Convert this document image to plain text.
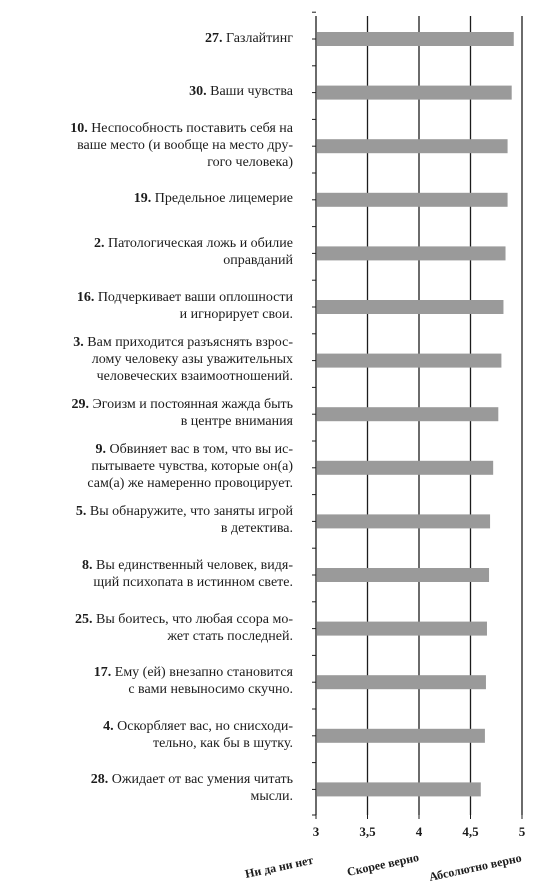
3	3,5	4	4,5	5
Ни да ни нет	Скорее верно Абсолютно верно
27. Газлайтинг
30. Ваши чувства
10. Неспособность поставить себя на
ваше место (и вообще на место дру-
гого человека)
19. Предельное лицемерие
2. Патологическая ложь и обилие
оправданий
16. Подчеркивает ваши оплошности
и игнорирует свои.
3. Вам приходится разъяснять взрос-
лому человеку азы уважительных
человеческих взаимоотношений.
29. Эгоизм и постоянная жажда быть
в центре внимания
9. Обвиняет вас в том, что вы ис-
пытываете чувства, которые он(а)
сам(а) же намеренно провоцирует.
5. Вы обнаружите, что заняты игрой
в детектива.
8. Вы единственный человек, видя-
щий психопата в истинном свете.
25. Вы боитесь, что любая ссора мо-
жет стать последней.
17. Ему (ей) внезапно становится
с вами невыносимо скучно.
4. Оскорбляет вас, но снисходи-
тельно, как бы в шутку.
28. Ожидает от вас умения читать
мысли.
